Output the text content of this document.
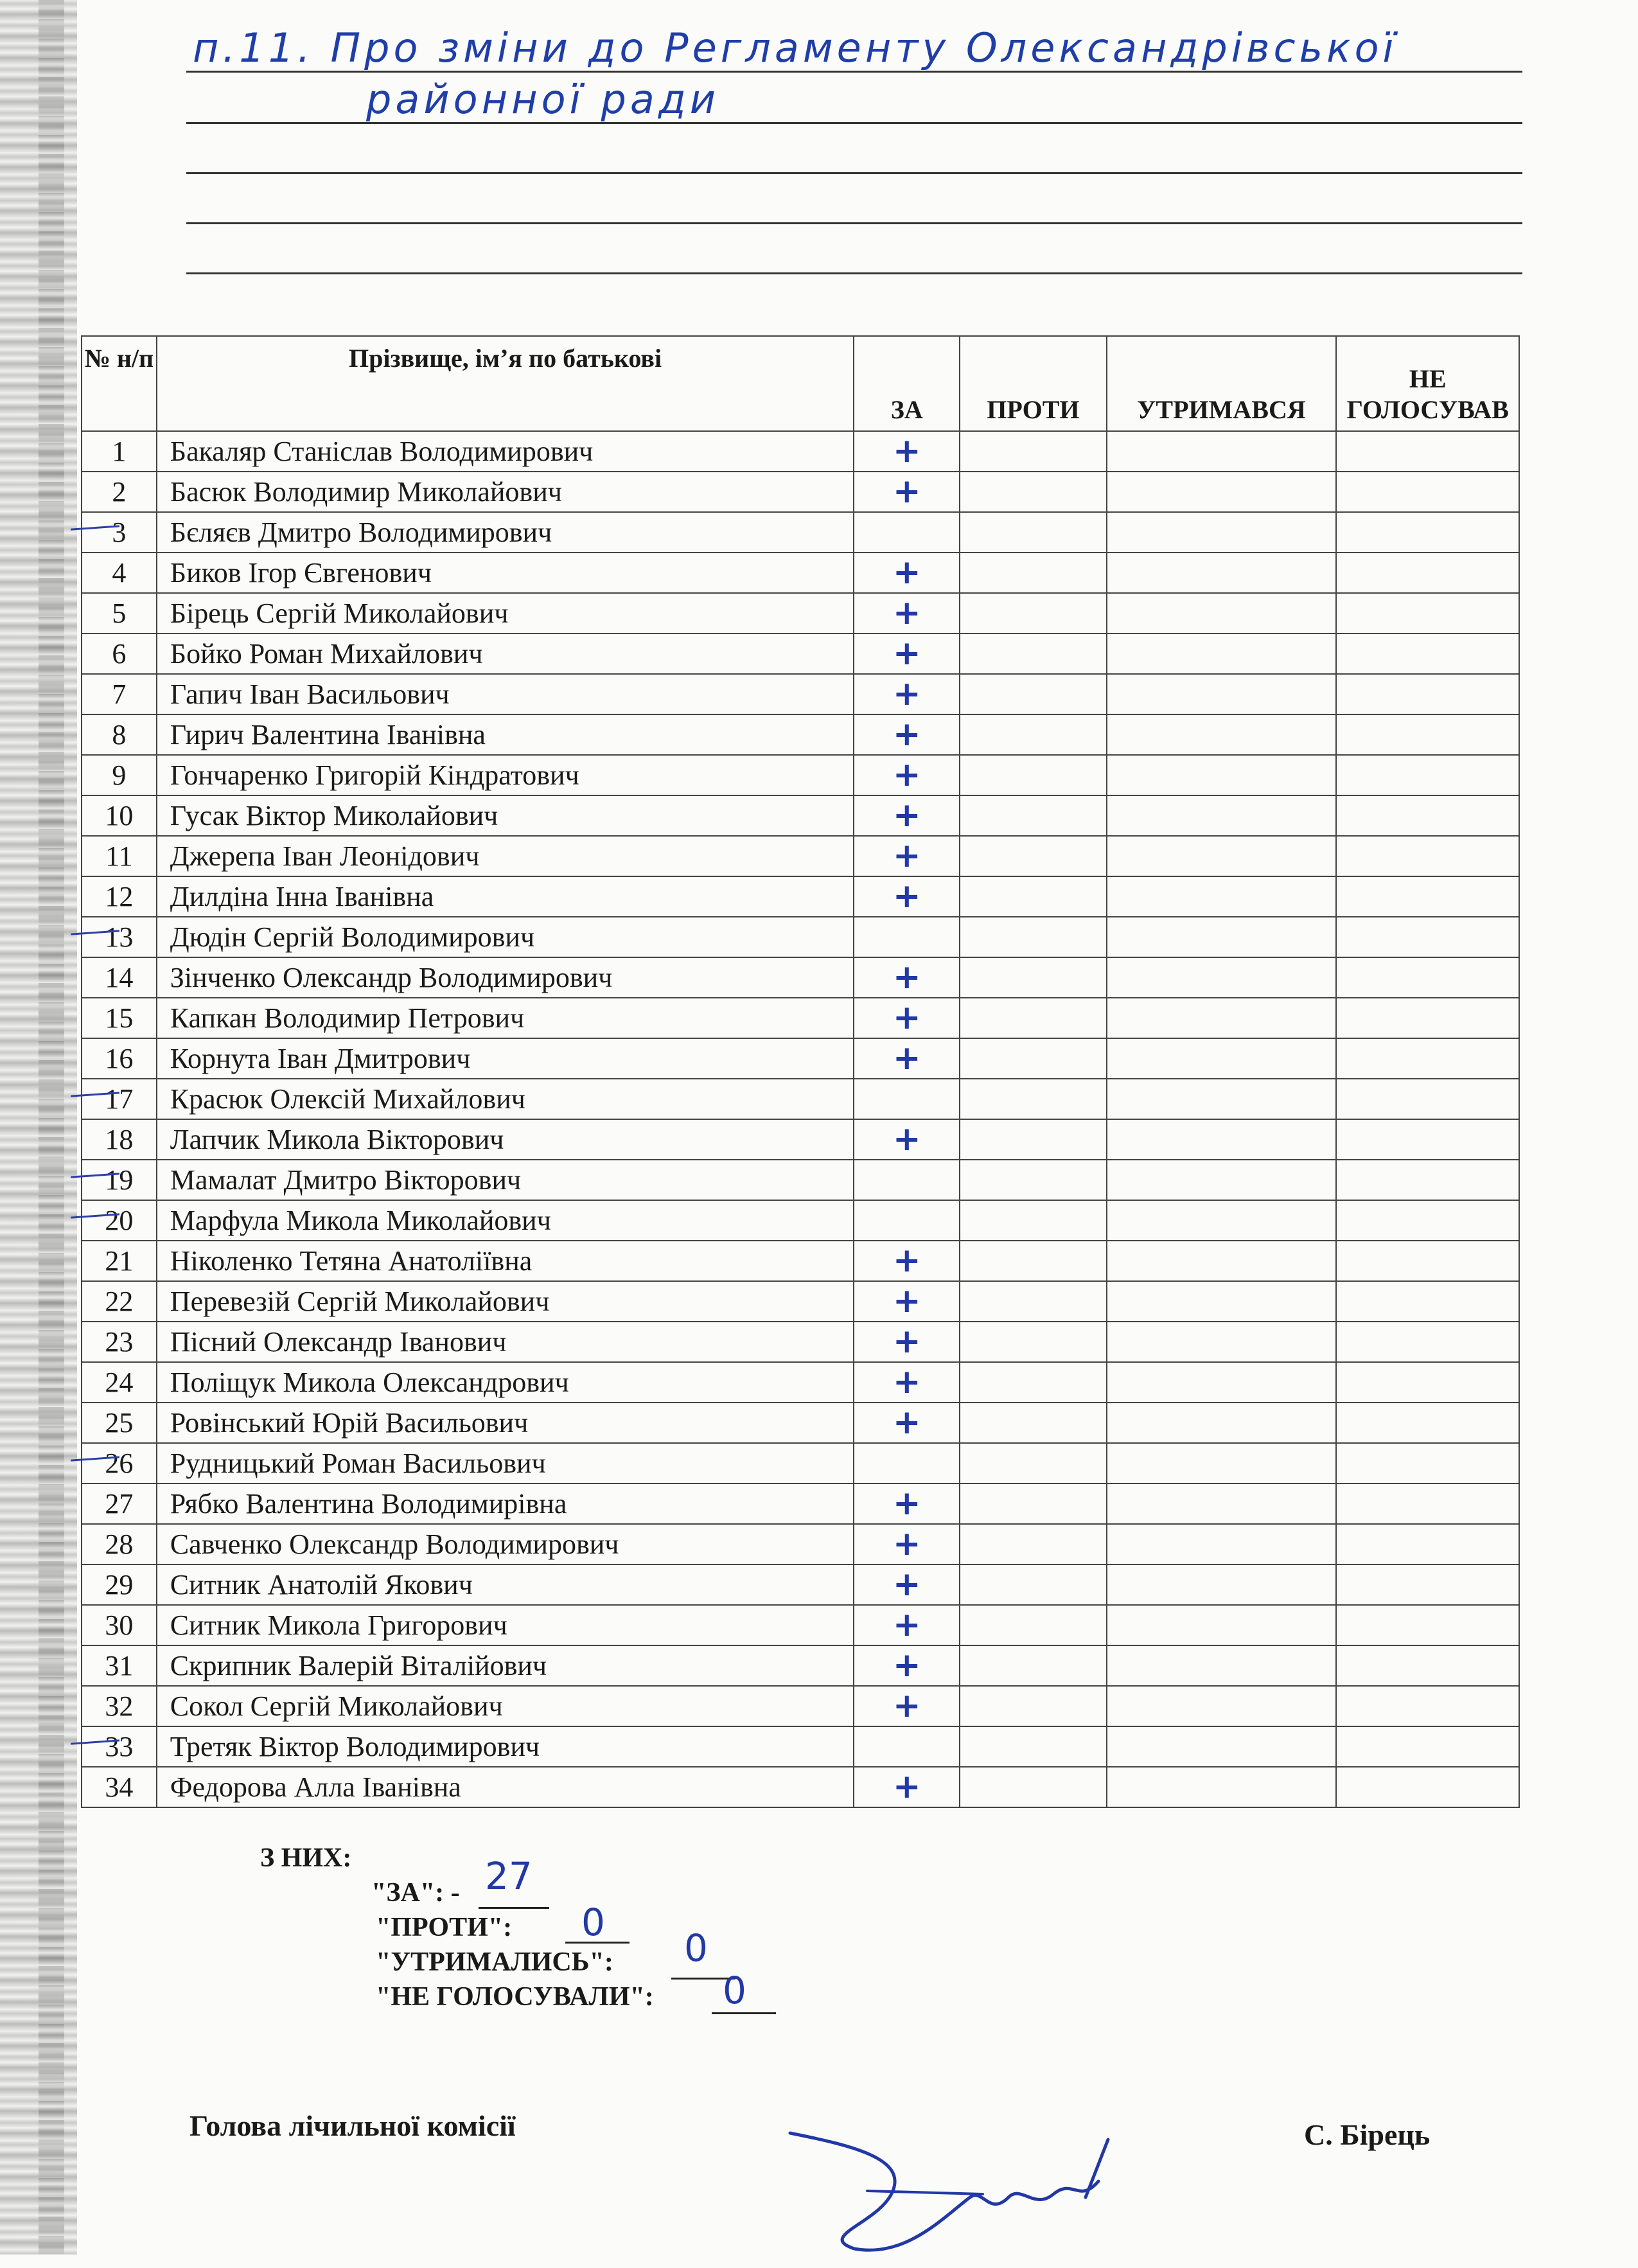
п.11. Про зміни до Регламенту Олександрівської
районної ради
№ н/п	Прізвище, ім’я по батькові	ЗА	ПРОТИ	УТРИМАВСЯ	НЕ ГОЛОСУВАВ
1	Бакаляр Станіслав Володимирович	+			

2	Басюк Володимир Миколайович	+			

3	Бєляєв Дмитро Володимирович	

4	Биков Ігор Євгенович	+			

5	Бірець Сергій Миколайович	+			

6	Бойко Роман Михайлович	+			

7	Гапич Іван Васильович	+			

8	Гирич Валентина Іванівна	+			

9	Гончаренко Григорій Кіндратович	+			

10	Гусак Віктор Миколайович	+			

11	Джерепа Іван Леонідович	+			

12	Дилдіна Інна Іванівна	+			

13	Дюдін Сергій Володимирович	

14	Зінченко Олександр Володимирович	+			

15	Капкан Володимир Петрович	+			

16	Корнута Іван Дмитрович	+			

17	Красюк Олексій Михайлович	

18	Лапчик Микола Вікторович	+			

19	Мамалат Дмитро Вікторович	

20	Марфула Микола Миколайович	

21	Ніколенко Тетяна Анатоліївна	+			

22	Перевезій Сергій Миколайович	+			

23	Пісний Олександр Іванович	+			

24	Поліщук Микола Олександрович	+			

25	Ровінський Юрій Васильович	+			

26	Рудницький Роман Васильович	

27	Рябко Валентина Володимирівна	+			

28	Савченко Олександр Володимирович	+			

29	Ситник Анатолій Якович	+			

30	Ситник Микола Григорович	+			

31	Скрипник Валерій Віталійович	+			

32	Сокол Сергій Миколайович	+			

33	Третяк Віктор Володимирович	

34	Федорова Алла Іванівна	+			

З НИХ:
"ЗА": - 27
"ПРОТИ": 0
"УТРИМАЛИСЬ": 0
"НЕ ГОЛОСУВАЛИ": 0
Голова лічильної комісії	С. Бірець
